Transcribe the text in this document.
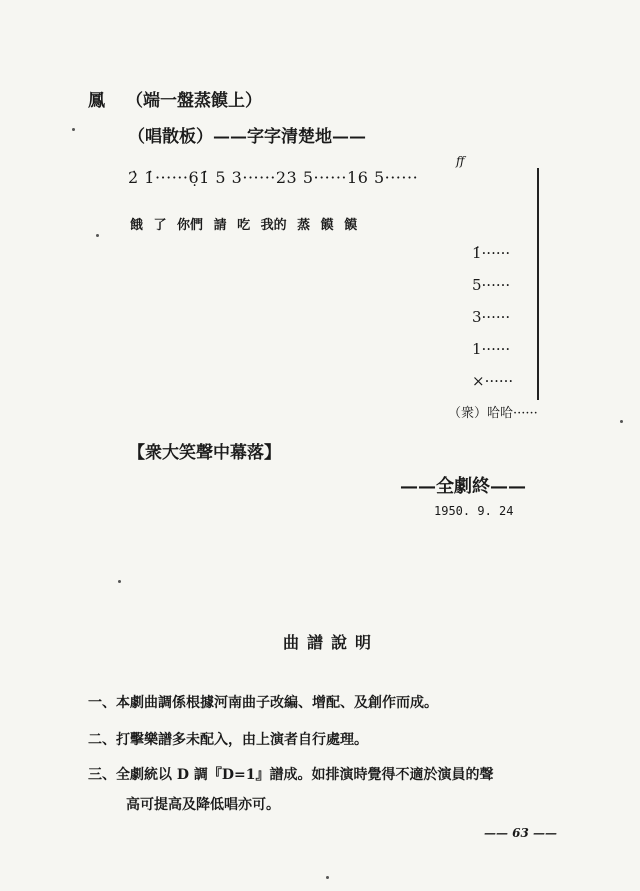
鳳 （端一盤蒸饃上）
（唱散板）——字字清楚地——
ff
2̇ 1̇······6̣1̇ 5 3······23 5······16 5······
餓 了 你們 請 吃 我的 蒸 饃 饃
1̇······
5······
3······
1······
×······
（衆）哈哈······
【衆大笑聲中幕落】
——全劇終——
1950. 9. 24
曲譜說明
一、本劇曲調係根據河南曲子改編、增配、及創作而成。
二、打擊樂譜多未配入，由上演者自行處理。
三、全劇統以 D 調『D=1』譜成。如排演時覺得不適於演員的聲
高可提高及降低唱亦可。
—— 63 ——
